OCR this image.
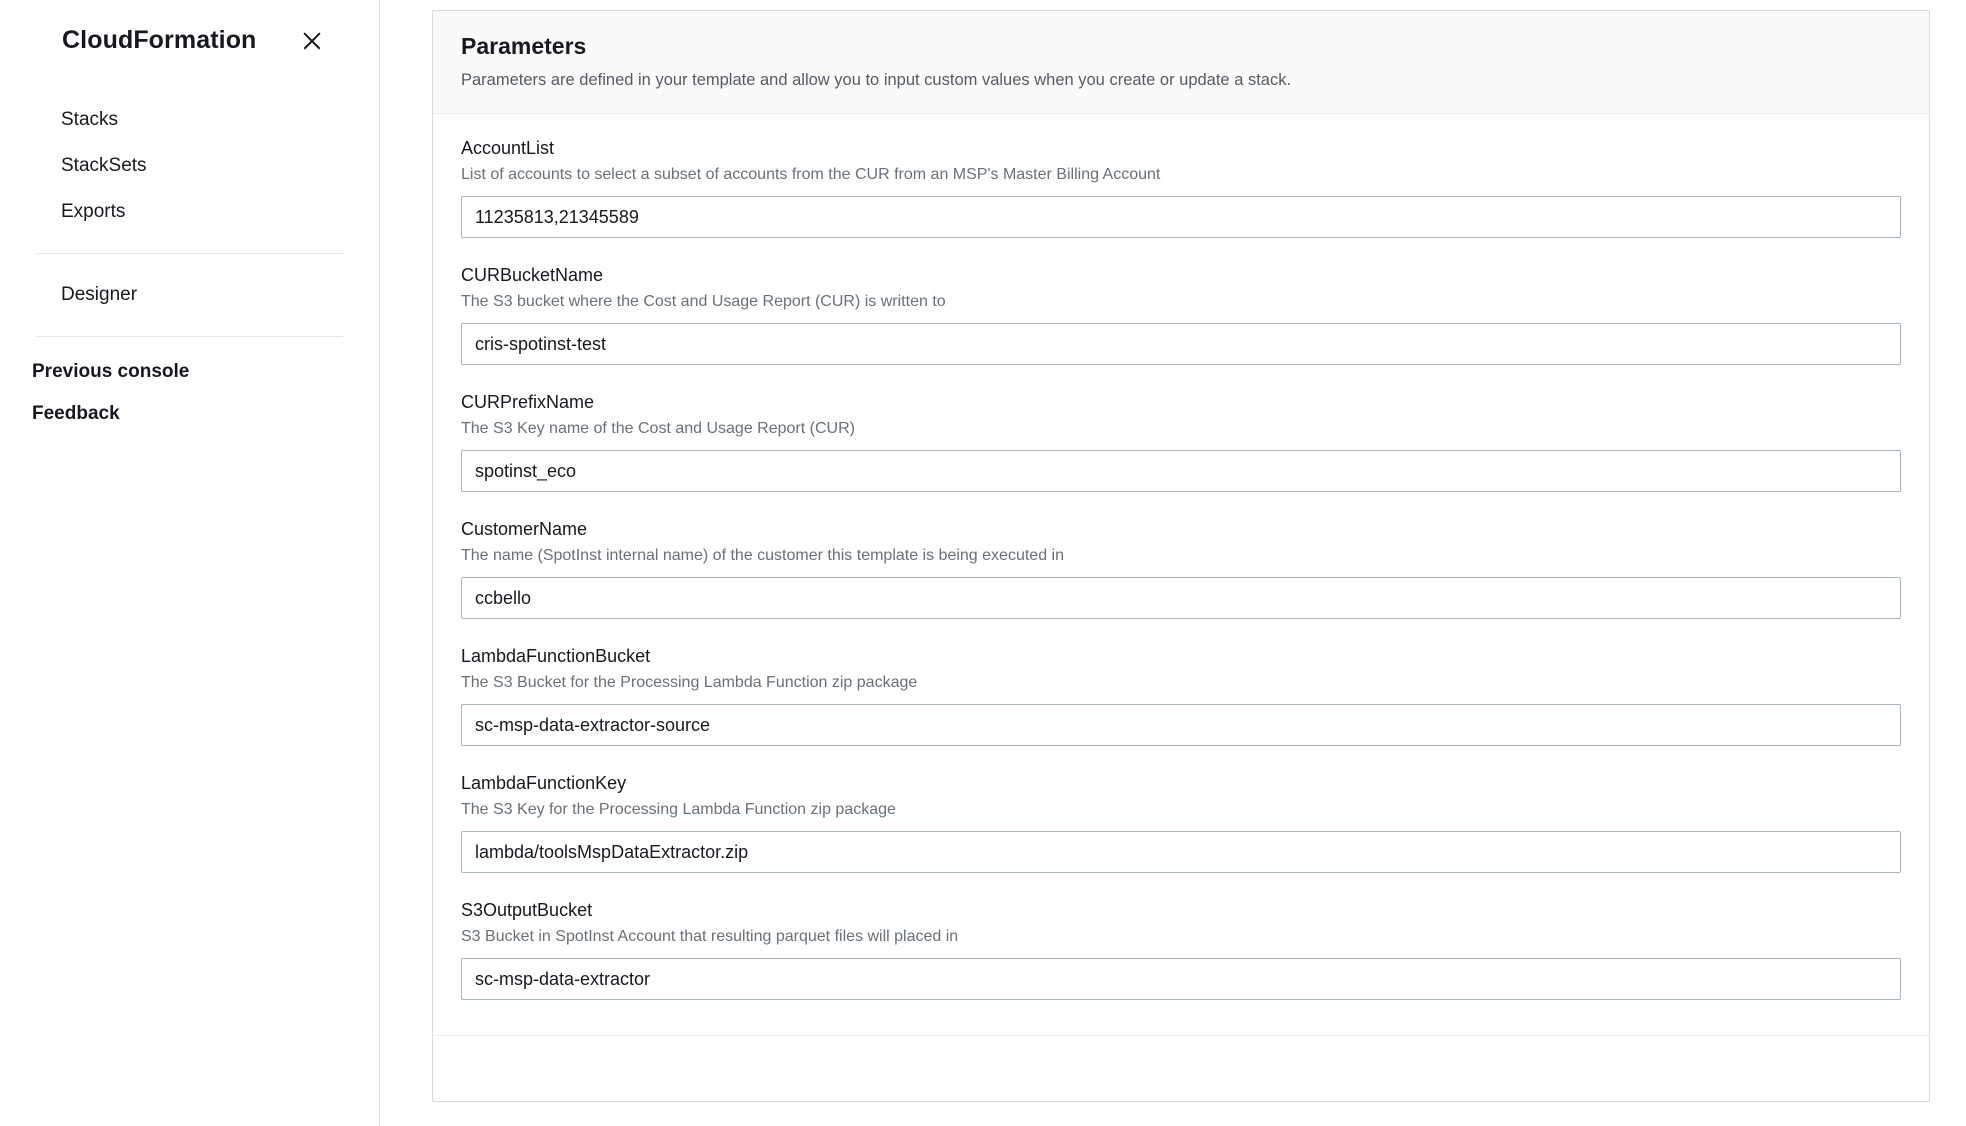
CloudFormation
Stacks
StackSets
Exports
Designer
Previous console
Feedback
Parameters
Parameters are defined in your template and allow you to input custom values when you create or update a stack.
AccountList
List of accounts to select a subset of accounts from the CUR from an MSP's Master Billing Account
11235813,21345589
CURBucketName
The S3 bucket where the Cost and Usage Report (CUR) is written to
cris-spotinst-test
CURPrefixName
The S3 Key name of the Cost and Usage Report (CUR)
spotinst_eco
CustomerName
The name (SpotInst internal name) of the customer this template is being executed in
ccbello
LambdaFunctionBucket
The S3 Bucket for the Processing Lambda Function zip package
sc-msp-data-extractor-source
LambdaFunctionKey
The S3 Key for the Processing Lambda Function zip package
lambda/toolsMspDataExtractor.zip
S3OutputBucket
S3 Bucket in SpotInst Account that resulting parquet files will placed in
sc-msp-data-extractor
